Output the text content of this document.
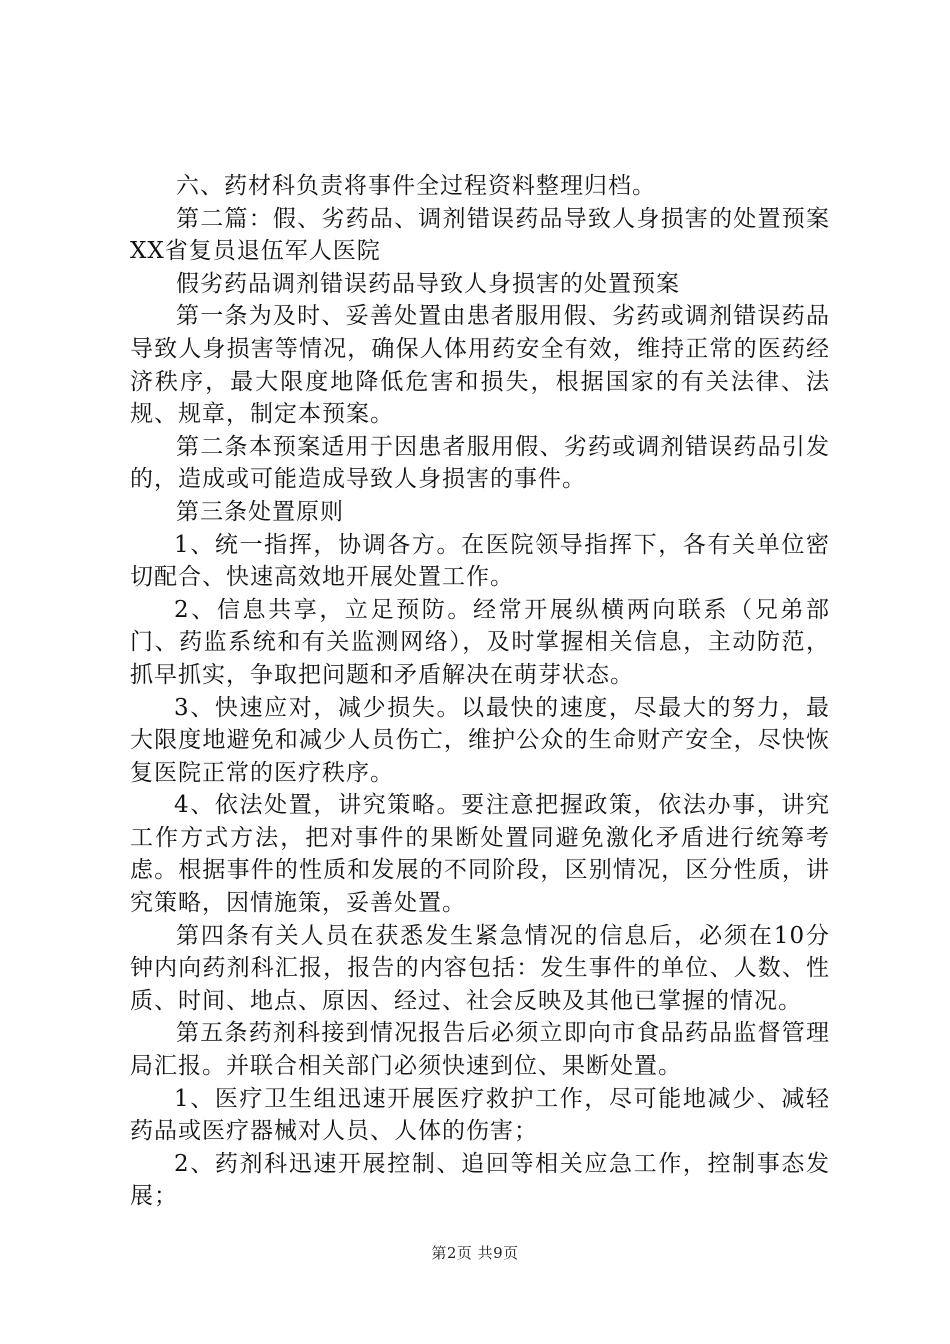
六、药材科负责将事件全过程资料整理归档。

第二篇：假、劣药品、调剂错误药品导致人身损害的处置预案XX省复员退伍军人医院

假劣药品调剂错误药品导致人身损害的处置预案

第一条为及时、妥善处置由患者服用假、劣药或调剂错误药品导致人身损害等情况，确保人体用药安全有效，维持正常的医药经济秩序，最大限度地降低危害和损失，根据国家的有关法律、法规、规章，制定本预案。

第二条本预案适用于因患者服用假、劣药或调剂错误药品引发的，造成或可能造成导致人身损害的事件。

第三条处置原则

1、统一指挥，协调各方。在医院领导指挥下，各有关单位密切配合、快速高效地开展处置工作。

2、信息共享，立足预防。经常开展纵横两向联系（兄弟部门、药监系统和有关监测网络），及时掌握相关信息，主动防范，抓早抓实，争取把问题和矛盾解决在萌芽状态。

3、快速应对，减少损失。以最快的速度，尽最大的努力，最大限度地避免和减少人员伤亡，维护公众的生命财产安全，尽快恢复医院正常的医疗秩序。

4、依法处置，讲究策略。要注意把握政策，依法办事，讲究工作方式方法，把对事件的果断处置同避免激化矛盾进行统筹考虑。根据事件的性质和发展的不同阶段，区别情况，区分性质，讲究策略，因情施策，妥善处置。

第四条有关人员在获悉发生紧急情况的信息后，必须在10分钟内向药剂科汇报，报告的内容包括：发生事件的单位、人数、性质、时间、地点、原因、经过、社会反映及其他已掌握的情况。

第五条药剂科接到情况报告后必须立即向市食品药品监督管理局汇报。并联合相关部门必须快速到位、果断处置。

1、医疗卫生组迅速开展医疗救护工作，尽可能地减少、减轻药品或医疗器械对人员、人体的伤害；

2、药剂科迅速开展控制、追回等相关应急工作，控制事态发展；

第2页 共9页
